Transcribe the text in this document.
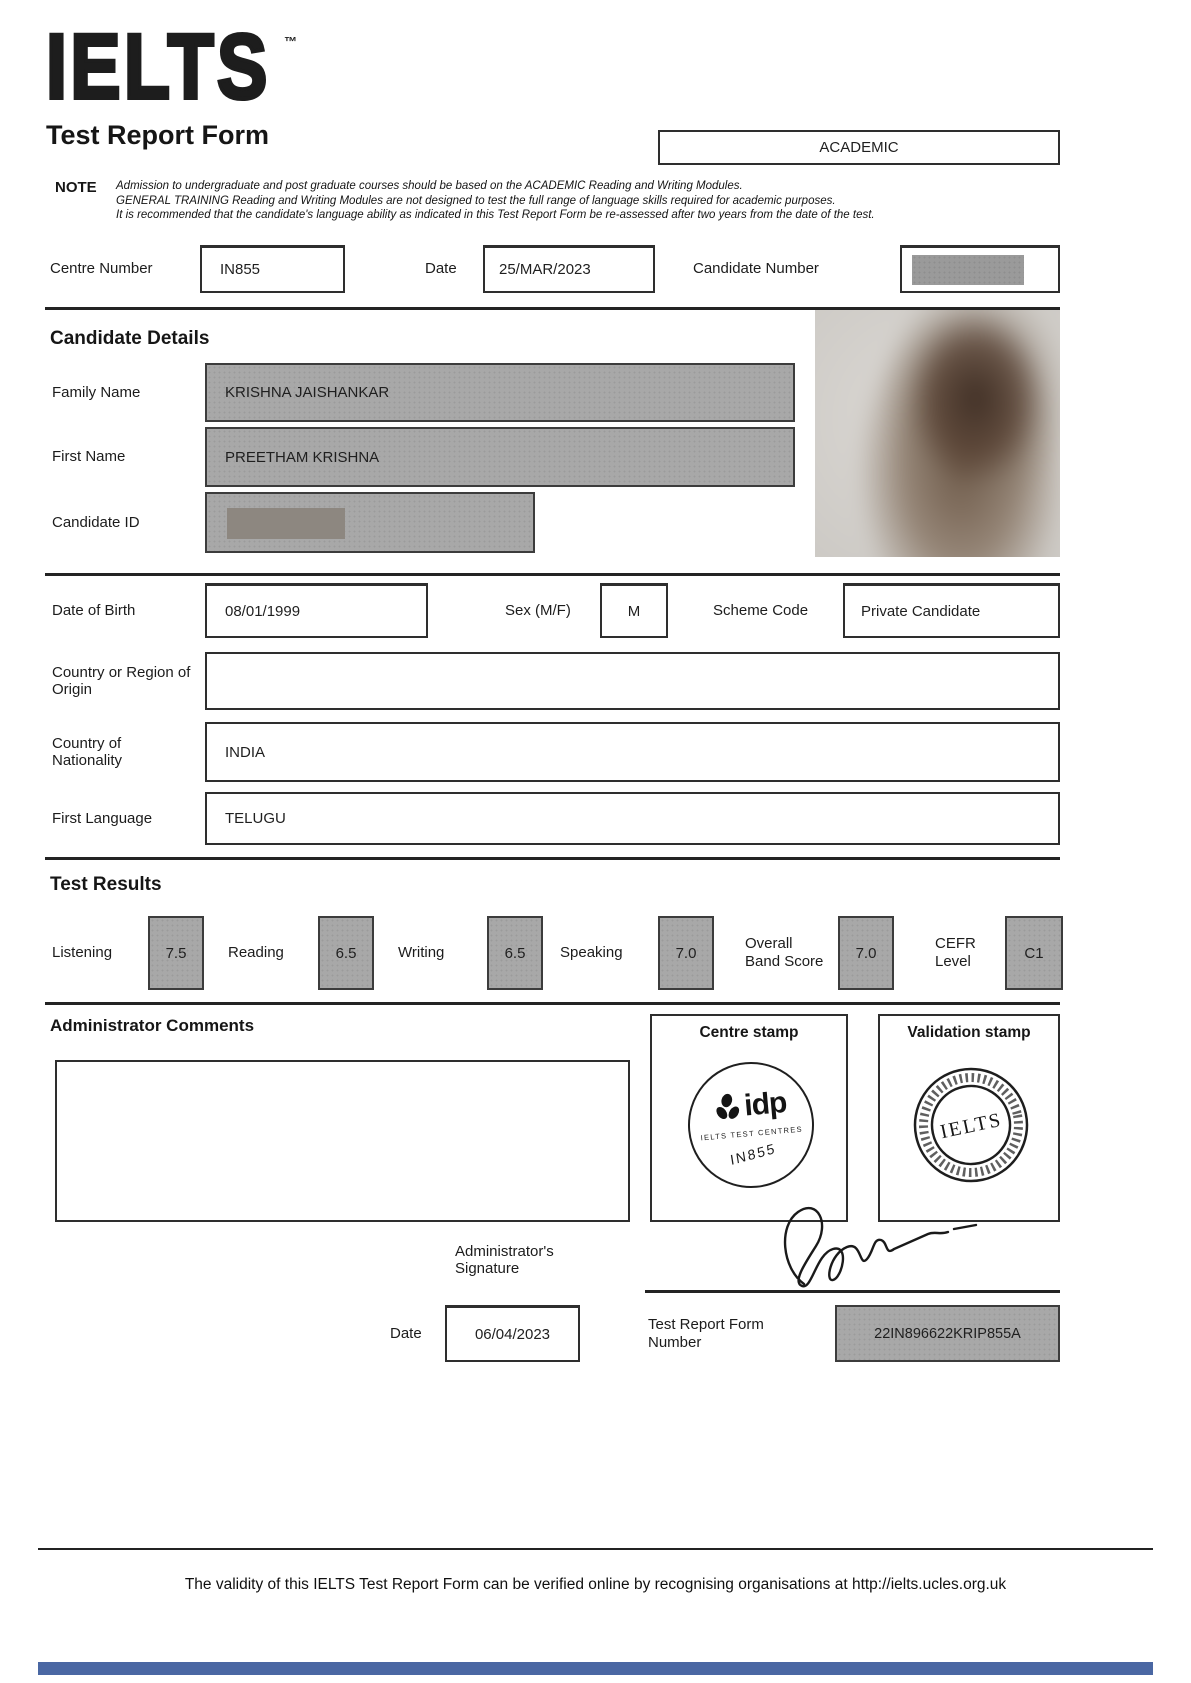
IELTS ™
Test Report Form	ACADEMIC
NOTE Admission to undergraduate and post graduate courses should be based on the ACADEMIC Reading and Writing Modules.
GENERAL TRAINING Reading and Writing Modules are not designed to test the full range of language skills required for academic purposes.
It is recommended that the candidate's language ability as indicated in this Test Report Form be re-assessed after two years from the date of the test.
Centre Number	IN855	Date	25/MAR/2023	Candidate Number
Candidate Details
Family Name	KRISHNA JAISHANKAR
First Name	PREETHAM KRISHNA
Candidate ID
Date of Birth	08/01/1999	Sex (M/F)	M	Scheme Code	Private Candidate
Country or Region of Origin
Country of Nationality	INDIA
First Language	TELUGU
Test Results
Listening	7.5	Reading	6.5	Writing	6.5	Speaking	7.0
Overall Band Score	7.0
CEFR Level	C1
Administrator Comments	Centre stamp
idp
IELTS TEST CENTRES
IN855
Validation stamp
IELTS
Administrator's Signature
Date	06/04/2023
Test Report Form Number	22IN896622KRIP855A
The validity of this IELTS Test Report Form can be verified online by recognising organisations at http://ielts.ucles.org.uk
